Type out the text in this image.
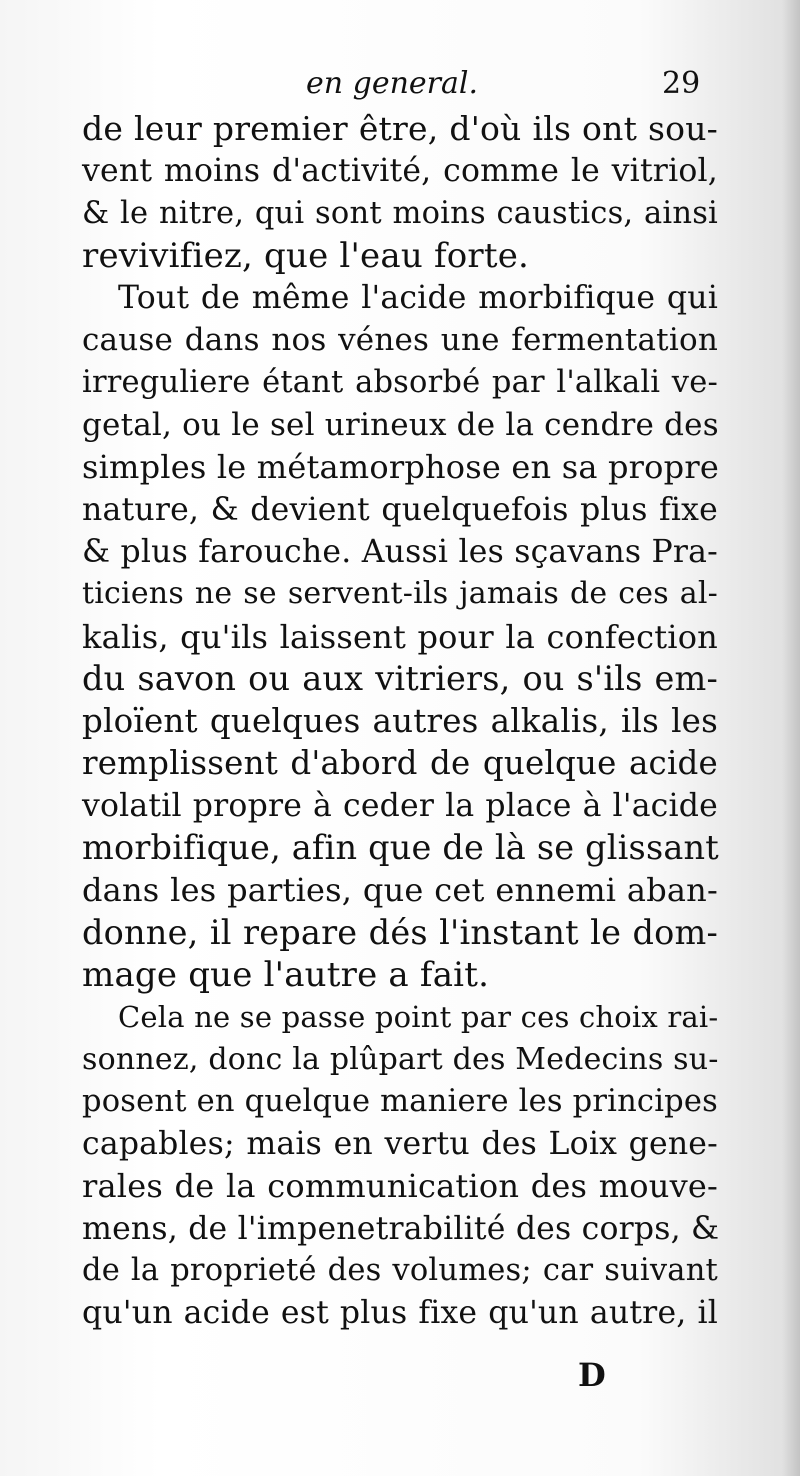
en general.	29
de leur premier être, d'où ils ont sou-
vent moins d'activité, comme le vitriol,
& le nitre, qui sont moins caustics, ainsi
revivifiez, que l'eau forte.
Tout de même l'acide morbifique qui
cause dans nos vénes une fermentation
irreguliere étant absorbé par l'alkali ve-
getal, ou le sel urineux de la cendre des
simples le métamorphose en sa propre
nature, & devient quelquefois plus fixe
& plus farouche. Aussi les sçavans Pra-
ticiens ne se servent-ils jamais de ces al-
kalis, qu'ils laissent pour la confection
du savon ou aux vitriers, ou s'ils em-
ploïent quelques autres alkalis, ils les
remplissent d'abord de quelque acide
volatil propre à ceder la place à l'acide
morbifique, afin que de là se glissant
dans les parties, que cet ennemi aban-
donne, il repare dés l'instant le dom-
mage que l'autre a fait.
Cela ne se passe point par ces choix rai-
sonnez, donc la plûpart des Medecins su-
posent en quelque maniere les principes
capables; mais en vertu des Loix gene-
rales de la communication des mouve-
mens, de l'impenetrabilité des corps, &
de la proprieté des volumes; car suivant
qu'un acide est plus fixe qu'un autre, il
D
